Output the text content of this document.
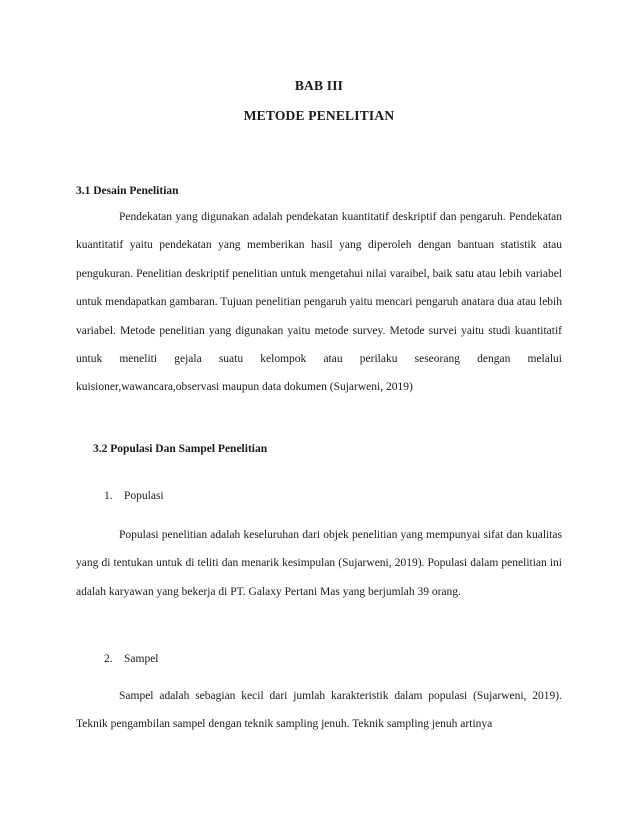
BAB III
METODE PENELITIAN
3.1 Desain Penelitian

Pendekatan yang digunakan adalah pendekatan kuantitatif deskriptif dan pengaruh. Pendekatan kuantitatif yaitu pendekatan yang memberikan hasil yang diperoleh dengan bantuan statistik atau pengukuran. Penelitian deskriptif penelitian untuk mengetahui nilai varaibel, baik satu atau lebih variabel untuk mendapatkan gambaran. Tujuan penelitian pengaruh yaitu mencari pengaruh anatara dua atau lebih variabel. Metode penelitian yang digunakan yaitu metode survey. Metode survei yaitu studi kuantitatif untuk meneliti gejala suatu kelompok atau perilaku seseorang dengan melalui kuisioner,wawancara,observasi maupun data dokumen (Sujarweni, 2019)

3.2 Populasi Dan Sampel Penelitian
1. Populasi

Populasi penelitian adalah keseluruhan dari objek penelitian yang mempunyai sifat dan kualitas yang di tentukan untuk di teliti dan menarik kesimpulan (Sujarweni, 2019). Populasi dalam penelitian ini adalah karyawan yang bekerja di PT. Galaxy Pertani Mas yang berjumlah 39 orang.

2. Sampel

Sampel adalah sebagian kecil dari jumlah karakteristik dalam populasi (Sujarweni, 2019). Teknik pengambilan sampel dengan teknik sampling jenuh. Teknik sampling jenuh artinya
